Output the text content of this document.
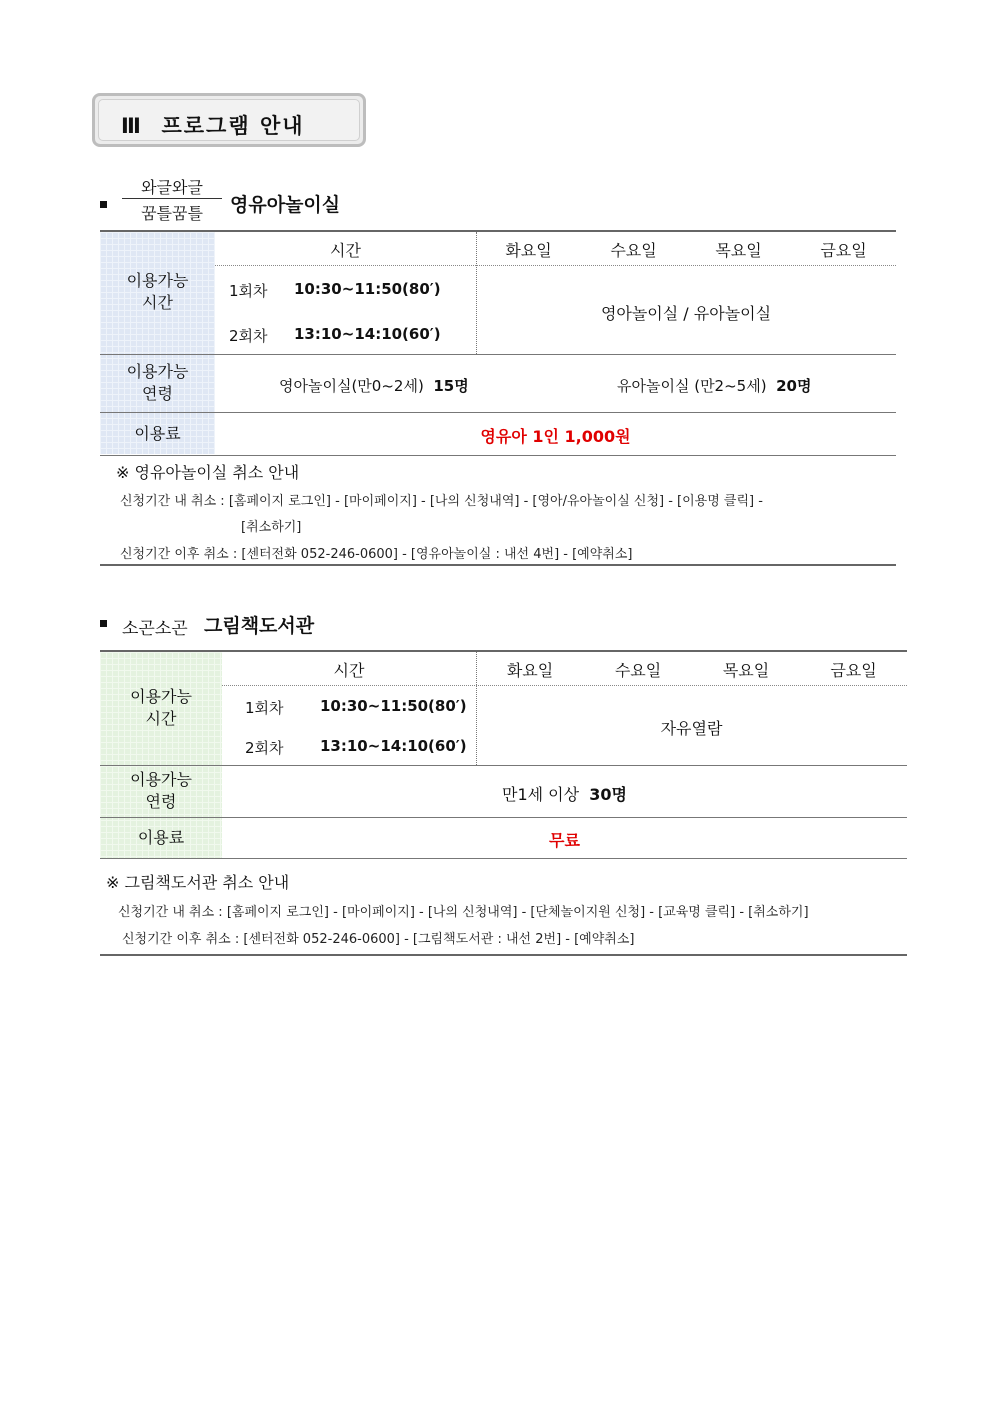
Ⅲ 프로그램 안내
와글와글
꿈틀꿈틀	영유아놀이실
이용가능
시간
시간	화요일	수요일	목요일	금요일
1회차 10:30~11:50(80′)
2회차 13:10~14:10(60′)
영아놀이실 / 유아놀이실
이용가능
연령	영아놀이실(만0~2세) 15명	유아놀이실 (만2~5세) 20명
이용료	영유아 1인 1,000원
※ 영유아놀이실 취소 안내
신청기간 내 취소 : [홈페이지 로그인] - [마이페이지] - [나의 신청내역] - [영아/유아놀이실 신청] - [이용명 클릭] -
[취소하기]
신청기간 이후 취소 : [센터전화 052-246-0600] - [영유아놀이실 : 내선 4번] - [예약취소]
소곤소곤 그림책도서관
이용가능
시간
시간	화요일	수요일	목요일	금요일
1회차 10:30~11:50(80′)
2회차 13:10~14:10(60′)
자유열람
이용가능
연령	만1세 이상 30명
이용료	무료
※ 그림책도서관 취소 안내
신청기간 내 취소 : [홈페이지 로그인] - [마이페이지] - [나의 신청내역] - [단체놀이지원 신청] - [교육명 클릭] - [취소하기]
신청기간 이후 취소 : [센터전화 052-246-0600] - [그림책도서관 : 내선 2번] - [예약취소]
